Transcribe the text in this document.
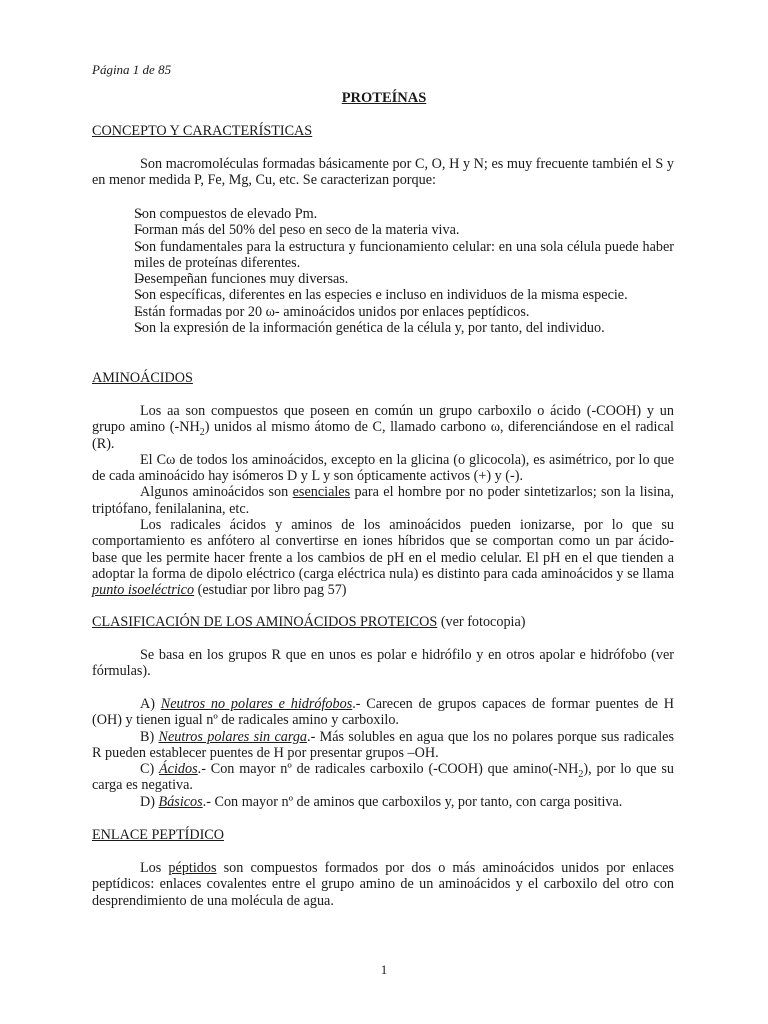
Página 1 de 85
PROTEÍNAS
CONCEPTO Y CARACTERÍSTICAS
Son macromoléculas formadas básicamente por C, O, H y N; es muy frecuente también el S y en menor medida P, Fe, Mg, Cu, etc. Se caracterizan porque:
- Son compuestos de elevado Pm.
- Forman más del 50% del peso en seco de la materia viva.
- Son fundamentales para la estructura y funcionamiento celular: en una sola célula puede haber miles de proteínas diferentes.
- Desempeñan funciones muy diversas.
- Son específicas, diferentes en las especies e incluso en individuos de la misma especie.
- Están formadas por 20 ω- aminoácidos unidos por enlaces peptídicos.
- Son la expresión de la información genética de la célula y, por tanto, del individuo.
AMINOÁCIDOS

Los aa son compuestos que poseen en común un grupo carboxilo o ácido (-COOH) y un grupo amino $(-NH_2)$ unidos al mismo átomo de C, llamado carbono ω, diferenciándose en el radical (R).

El Cω de todos los aminoácidos, excepto en la glicina (o glicocola), es asimétrico, por lo que de cada aminoácido hay isómeros D y L y son ópticamente activos (+) y (-).

Algunos aminoácidos son esenciales para el hombre por no poder sintetizarlos; son la lisina, triptófano, fenilalanina, etc.

Los radicales ácidos y aminos de los aminoácidos pueden ionizarse, por lo que su comportamiento es anfótero al convertirse en iones híbridos que se comportan como un par ácido-base que les permite hacer frente a los cambios de pH en el medio celular. El pH en el que tienden a adoptar la forma de dipolo eléctrico (carga eléctrica nula) es distinto para cada aminoácidos y se llama punto isoeléctrico (estudiar por libro pag 57)

CLASIFICACIÓN DE LOS AMINOÁCIDOS PROTEICOS (ver fotocopia)
Se basa en los grupos R que en unos es polar e hidrófilo y en otros apolar e hidrófobo (ver fórmulas).

A) Neutros no polares e hidrófobos.- Carecen de grupos capaces de formar puentes de H (OH) y tienen igual nº de radicales amino y carboxilo.

B) Neutros polares sin carga.- Más solubles en agua que los no polares porque sus radicales R pueden establecer puentes de H por presentar grupos –OH.

C) Ácidos.- Con mayor nº de radicales carboxilo (-COOH) que $amino(-NH_2)$, por lo que su carga es negativa.

D) Básicos.- Con mayor nº de aminos que carboxilos y, por tanto, con carga positiva.

ENLACE PEPTÍDICO
Los péptidos son compuestos formados por dos o más aminoácidos unidos por enlaces peptídicos: enlaces covalentes entre el grupo amino de un aminoácidos y el carboxilo del otro con desprendimiento de una molécula de agua.
1
